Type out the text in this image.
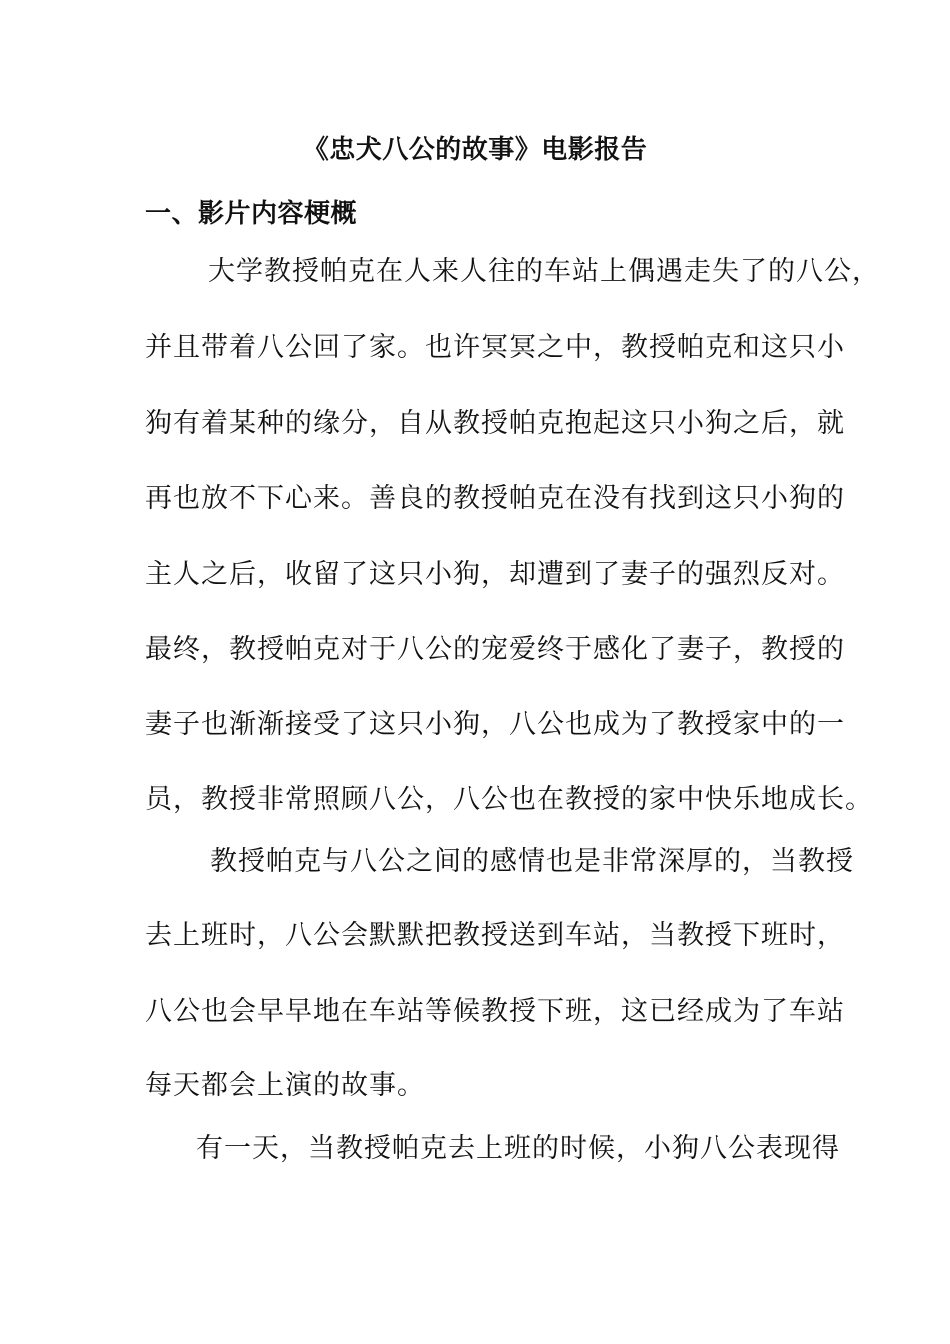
《忠犬八公的故事》电影报告
一、影片内容梗概
大学教授帕克在人来人往的车站上偶遇走失了的八公，
并且带着八公回了家。也许冥冥之中，教授帕克和这只小
狗有着某种的缘分，自从教授帕克抱起这只小狗之后，就
再也放不下心来。善良的教授帕克在没有找到这只小狗的
主人之后，收留了这只小狗，却遭到了妻子的强烈反对。
最终，教授帕克对于八公的宠爱终于感化了妻子，教授的
妻子也渐渐接受了这只小狗，八公也成为了教授家中的一
员，教授非常照顾八公，八公也在教授的家中快乐地成长。
教授帕克与八公之间的感情也是非常深厚的，当教授
去上班时，八公会默默把教授送到车站，当教授下班时，
八公也会早早地在车站等候教授下班，这已经成为了车站
每天都会上演的故事。
有一天，当教授帕克去上班的时候，小狗八公表现得
